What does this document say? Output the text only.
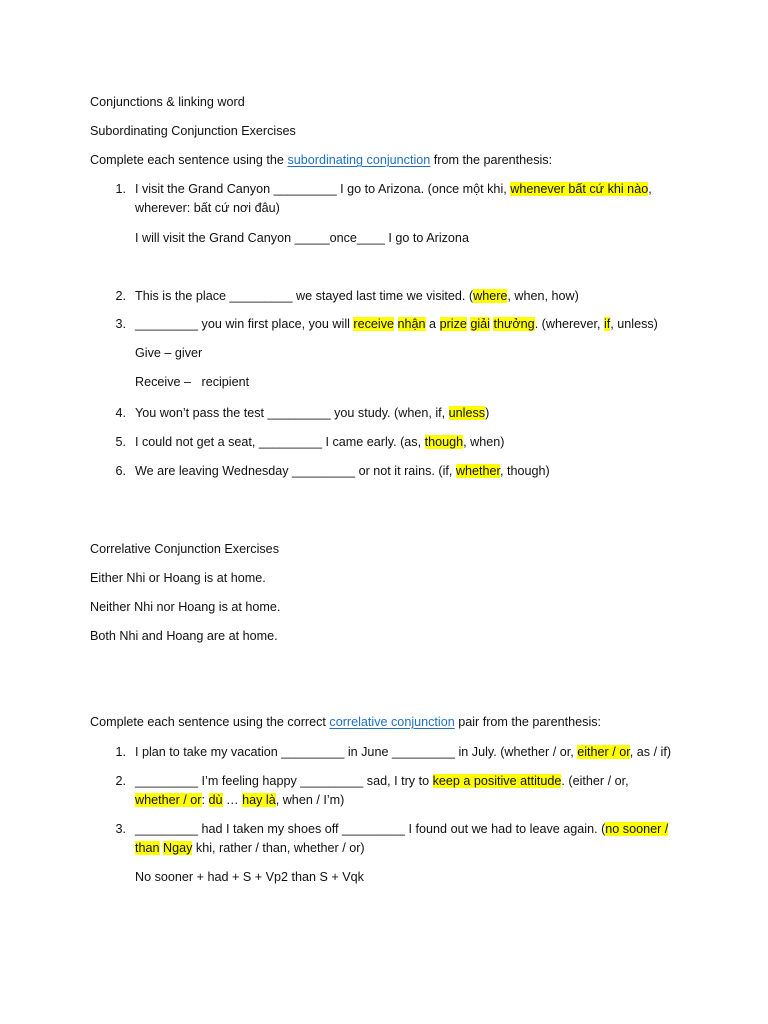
Conjunctions & linking word
Subordinating Conjunction Exercises
Complete each sentence using the subordinating conjunction from the parenthesis:
1. I visit the Grand Canyon _________ I go to Arizona. (once một khi, whenever bất cứ khi nào,
wherever: bất cứ nơi đâu)
I will visit the Grand Canyon _____once____ I go to Arizona
2. This is the place _________ we stayed last time we visited. (where, when, how)
3. _________ you win first place, you will receive nhận a prize giải thưởng. (wherever, if, unless)
Give – giver
Receive –   recipient
4. You won’t pass the test _________ you study. (when, if, unless)
5. I could not get a seat, _________ I came early. (as, though, when)
6. We are leaving Wednesday _________ or not it rains. (if, whether, though)
Correlative Conjunction Exercises
Either Nhi or Hoang is at home.
Neither Nhi nor Hoang is at home.
Both Nhi and Hoang are at home.
Complete each sentence using the correct correlative conjunction pair from the parenthesis:
1. I plan to take my vacation _________ in June _________ in July. (whether / or, either / or, as / if)
2. _________ I’m feeling happy _________ sad, I try to keep a positive attitude. (either / or,
whether / or: dù … hay là, when / I’m)
3. _________ had I taken my shoes off _________ I found out we had to leave again. (no sooner /
than Ngay khi, rather / than, whether / or)
No sooner + had + S + Vp2 than S + Vqk
